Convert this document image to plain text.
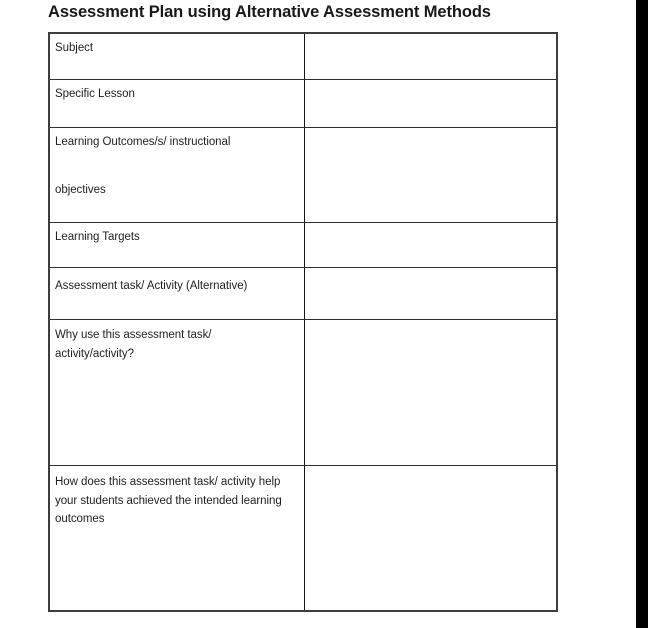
Assessment Plan using Alternative Assessment Methods
Subject
Specific Lesson
Learning Outcomes/s/ instructional
objectives
Learning Targets
Assessment task/ Activity (Alternative)
Why use this assessment task/
activity/activity?
How does this assessment task/ activity help
your students achieved the intended learning
outcomes
